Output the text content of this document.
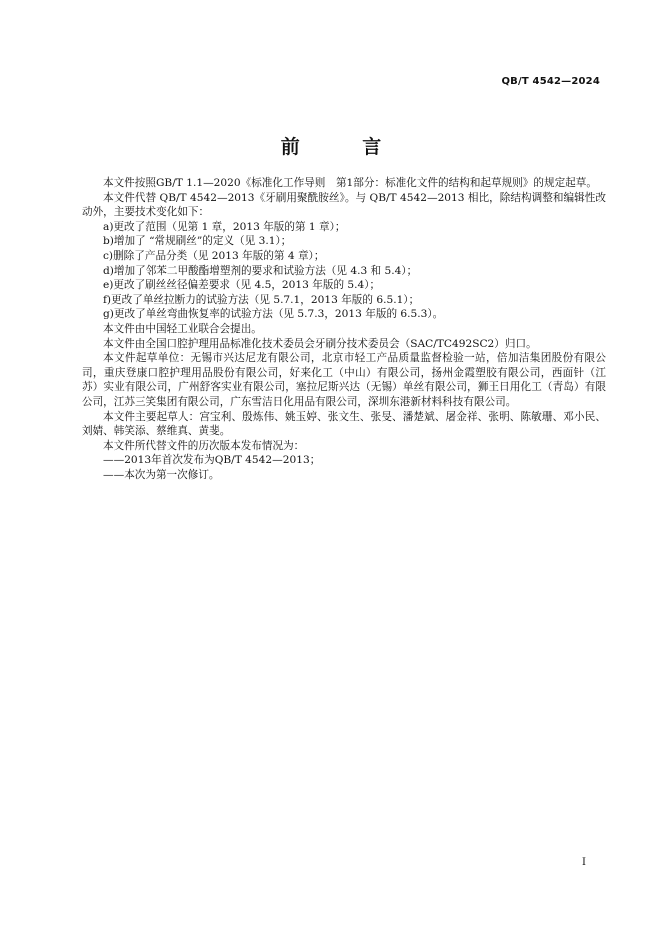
QB/T 4542—2024
前 言

本文件按照GB/T 1.1—2020《标准化工作导则　第1部分：标准化文件的结构和起草规则》的规定起草。

本文件代替 QB/T 4542—2013《牙刷用聚酰胺丝》。与 QB/T 4542—2013 相比，除结构调整和编辑性改动外，主要技术变化如下：

a)更改了范围（见第 1 章，2013 年版的第 1 章）；

b)增加了 “常规刷丝”的定义（见 3.1）；

c)删除了产品分类（见 2013 年版的第 4 章）；

d)增加了邻苯二甲酸酯增塑剂的要求和试验方法（见 4.3 和 5.4）；

e)更改了刷丝丝径偏差要求（见 4.5，2013 年版的 5.4）；

f)更改了单丝拉断力的试验方法（见 5.7.1，2013 年版的 6.5.1）；

g)更改了单丝弯曲恢复率的试验方法（见 5.7.3，2013 年版的 6.5.3）。

本文件由中国轻工业联合会提出。

本文件由全国口腔护理用品标准化技术委员会牙刷分技术委员会（SAC/TC492SC2）归口。

本文件起草单位：无锡市兴达尼龙有限公司，北京市轻工产品质量监督检验一站，倍加洁集团股份有限公司，重庆登康口腔护理用品股份有限公司，好来化工（中山）有限公司，扬州金霞塑胶有限公司，西面针（江苏）实业有限公司，广州舒客实业有限公司，塞拉尼斯兴达（无锡）单丝有限公司，狮王日用化工（青岛）有限公司，江苏三笑集团有限公司，广东雪洁日化用品有限公司，深圳东港新材料科技有限公司。

本文件主要起草人：宫宝利、殷炼伟、姚玉婷、张文生、张旻、潘楚斌、屠金祥、张明、陈敏珊、邓小民、刘婧、韩笑添、蔡维真、黄斐。

本文件所代替文件的历次版本发布情况为：

——2013年首次发布为QB/T 4542—2013；

——本次为第一次修订。

I
